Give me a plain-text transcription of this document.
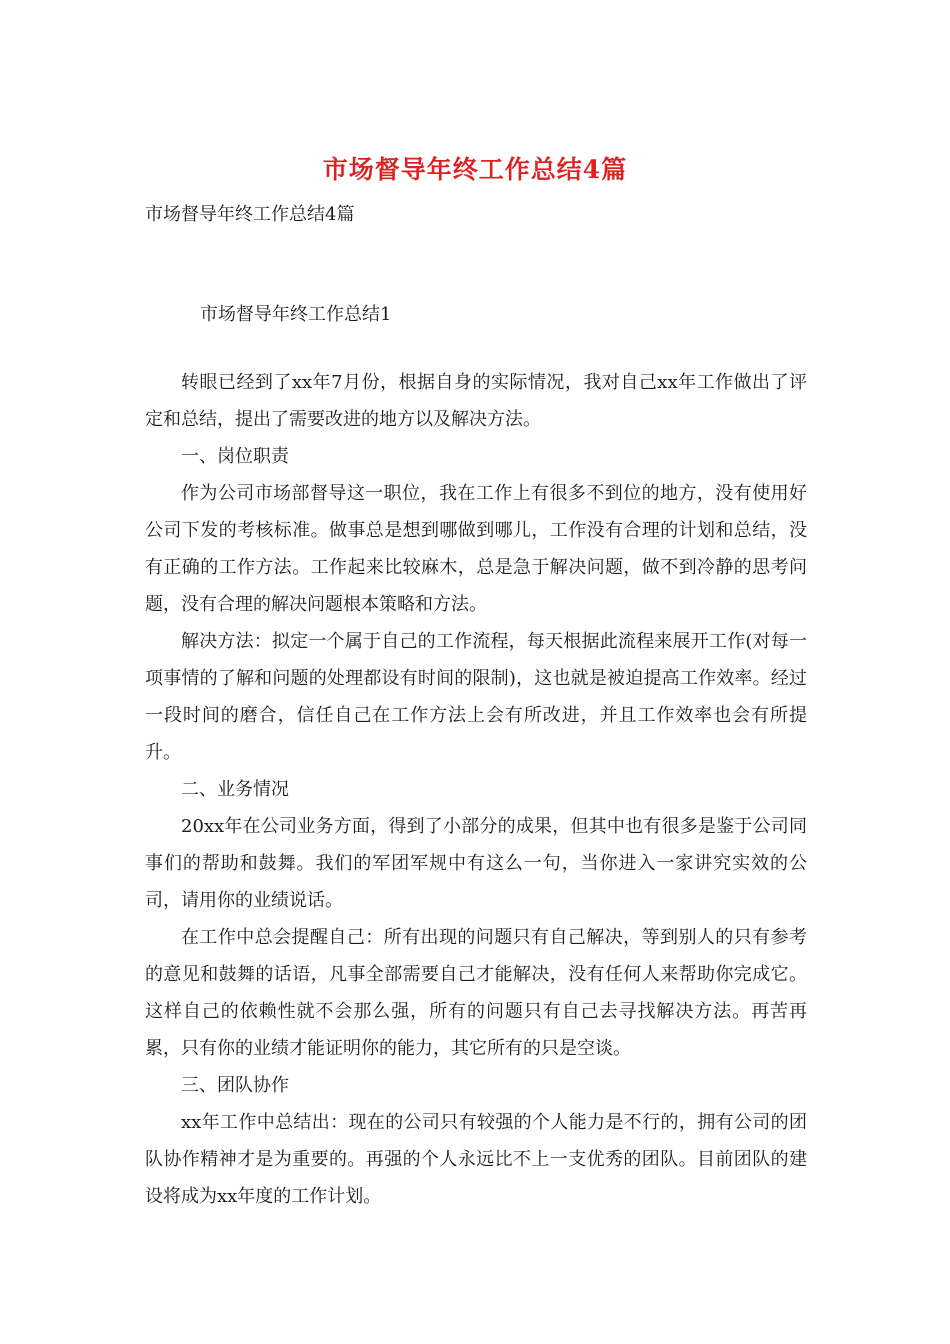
市场督导年终工作总结4篇
市场督导年终工作总结4篇
市场督导年终工作总结1

转眼已经到了xx年7月份，根据自身的实际情况，我对自己xx年工作做出了评定和总结，提出了需要改进的地方以及解决方法。

一、岗位职责

作为公司市场部督导这一职位，我在工作上有很多不到位的地方，没有使用好公司下发的考核标准。做事总是想到哪做到哪儿，工作没有合理的计划和总结，没有正确的工作方法。工作起来比较麻木，总是急于解决问题，做不到冷静的思考问题，没有合理的解决问题根本策略和方法。

解决方法：拟定一个属于自己的工作流程，每天根据此流程来展开工作(对每一项事情的了解和问题的处理都设有时间的限制)，这也就是被迫提高工作效率。经过一段时间的磨合，信任自己在工作方法上会有所改进，并且工作效率也会有所提升。

二、业务情况

20xx年在公司业务方面，得到了小部分的成果，但其中也有很多是鉴于公司同事们的帮助和鼓舞。我们的军团军规中有这么一句，当你进入一家讲究实效的公司，请用你的业绩说话。

在工作中总会提醒自己：所有出现的问题只有自己解决，等到别人的只有参考的意见和鼓舞的话语，凡事全部需要自己才能解决，没有任何人来帮助你完成它。这样自己的依赖性就不会那么强，所有的问题只有自己去寻找解决方法。再苦再累，只有你的业绩才能证明你的能力，其它所有的只是空谈。

三、团队协作

xx年工作中总结出：现在的公司只有较强的个人能力是不行的，拥有公司的团队协作精神才是为重要的。再强的个人永远比不上一支优秀的团队。目前团队的建设将成为xx年度的工作计划。
